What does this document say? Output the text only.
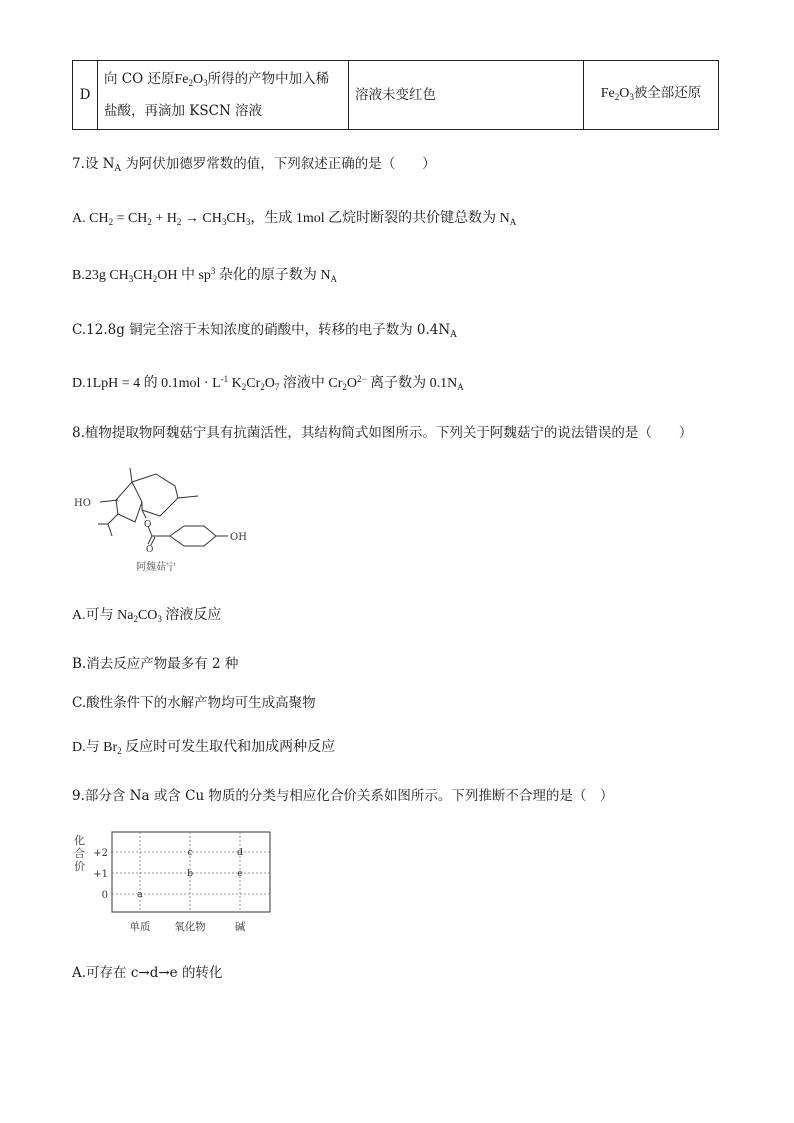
D	向 CO 还原$Fe_2O_3$所得的产物中加入稀
盐酸，再滴加 KSCN 溶液	溶液未变红色	$Fe_2O_3$被全部还原
7.设 $N_A$ 为阿伏加德罗常数的值，下列叙述正确的是（　　）
A. $CH_2 = CH_2 + H_2 \to CH_3CH_3$，生成 1mol 乙烷时断裂的共价键总数为 $N_A$
B.23g $CH_3CH_2OH$ 中 $sp^3$ 杂化的原子数为 $N_A$
C.12.8g 铜完全溶于未知浓度的硝酸中，转移的电子数为 $0.4N_A$
D.1LpH = 4 的 $0.1mol \cdot L^{-1}$ $K_2Cr_2O_7$ 溶液中 $Cr_2O^{2-}$ 离子数为 $0.1N_A$
8.植物提取物阿魏菇宁具有抗菌活性，其结构简式如图所示。下列关于阿魏菇宁的说法错误的是（　　）
HO
OH
O
O
阿魏菇宁
A.可与 $Na_2CO_3$ 溶液反应
B.消去反应产物最多有 2 种
C.酸性条件下的水解产物均可生成高聚物
D.与 $Br_2$ 反应时可发生取代和加成两种反应
9.部分含 Na 或含 Cu 物质的分类与相应化合价关系如图所示。下列推断不合理的是（　）
+2
+1
0
单质 氧化物	碱
a
b
c	d
e
化合价
A.可存在 c→d→e 的转化
